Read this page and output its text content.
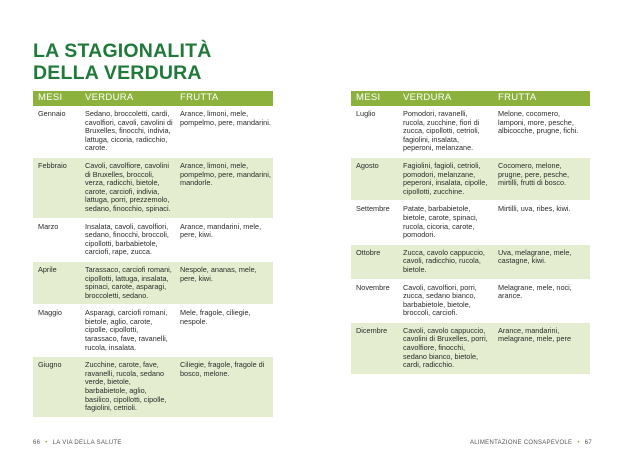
LA STAGIONALITÀ
DELLA VERDURA
MESI	VERDURA	FRUTTA
Gennaio	Sedano, broccoletti, cardi, cavolfiori, cavoli, cavolini di Bruxelles, finocchi, indivia, lattuga, cicoria, radicchio, carote.	Arance, limoni, mele, pompelmo, pere, mandarini.
Febbraio	Cavoli, cavolfiore, cavolini di Bruxelles, broccoli, verza, radicchi, bietole, carote, carciofi, indivia, lattuga, porri, prezzemolo, sedano, finocchio, spinaci.	Arance, limoni, mele, pompelmo, pere, mandarini, mandorle.
Marzo	Insalata, cavoli, cavolfiori, sedano, finocchi, broccoli, cipollotti, barbabietole, carciofi, rape, zucca.	Arance, mandarini, mele, pere, kiwi.
Aprile	Tarassaco, carciofi romani, cipollotti, lattuga, insalata, spinaci, carote, asparagi, broccoletti, sedano.	Nespole, ananas, mele, pere, kiwi.
Maggio	Asparagi, carciofi romani, bietole, aglio, carote, cipolle, cipollotti, tarassaco, fave, ravanelli, rucola, insalata.	Mele, fragole, ciliegie, nespole.
Giugno	Zucchine, carote, fave, ravanelli, rucola, sedano verde, bietole, barbabietole, aglio, basilico, cipollotti, cipolle, fagiolini, cetrioli.	Ciliegie, fragole, fragole di bosco, melone.
MESI	VERDURA	FRUTTA
Luglio	Pomodori, ravanelli, rucola, zucchine, fiori di zucca, cipollotti, cetrioli, fagiolini, insalata, peperoni, melanzane.	Melone, cocomero, lamponi, more, pesche, albicocche, prugne, fichi.
Agosto	Fagiolini, fagioli, cetrioli, pomodori, melanzane, peperoni, insalata, cipolle, cipollotti, zucchine.	Cocomero, melone, prugne, pere, pesche, mirtilli, frutti di bosco.
Settembre	Patate, barbabietole, bietole, carote, spinaci, rucola, cicoria, carote, pomodori.	Mirtilli, uva, ribes, kiwi.
Ottobre	Zucca, cavolo cappuccio, cavoli, radicchio, rucola, bietole.	Uva, melagrane, mele, castagne, kiwi.
Novembre	Cavoli, cavolfiori, porri, zucca, sedano bianco, barbabietole, bietole, broccoli, carciofi.	Melagrane, mele, noci, arance.
Dicembre	Cavoli, cavolo cappuccio, cavolini di Bruxelles, porri, cavolfiore, finocchi, sedano bianco, bietole, cardi, radicchio.	Arance, mandarini, melagrane, mele, pere
66 • LA VIA DELLA SALUTE	ALIMENTAZIONE CONSAPEVOLE • 67
